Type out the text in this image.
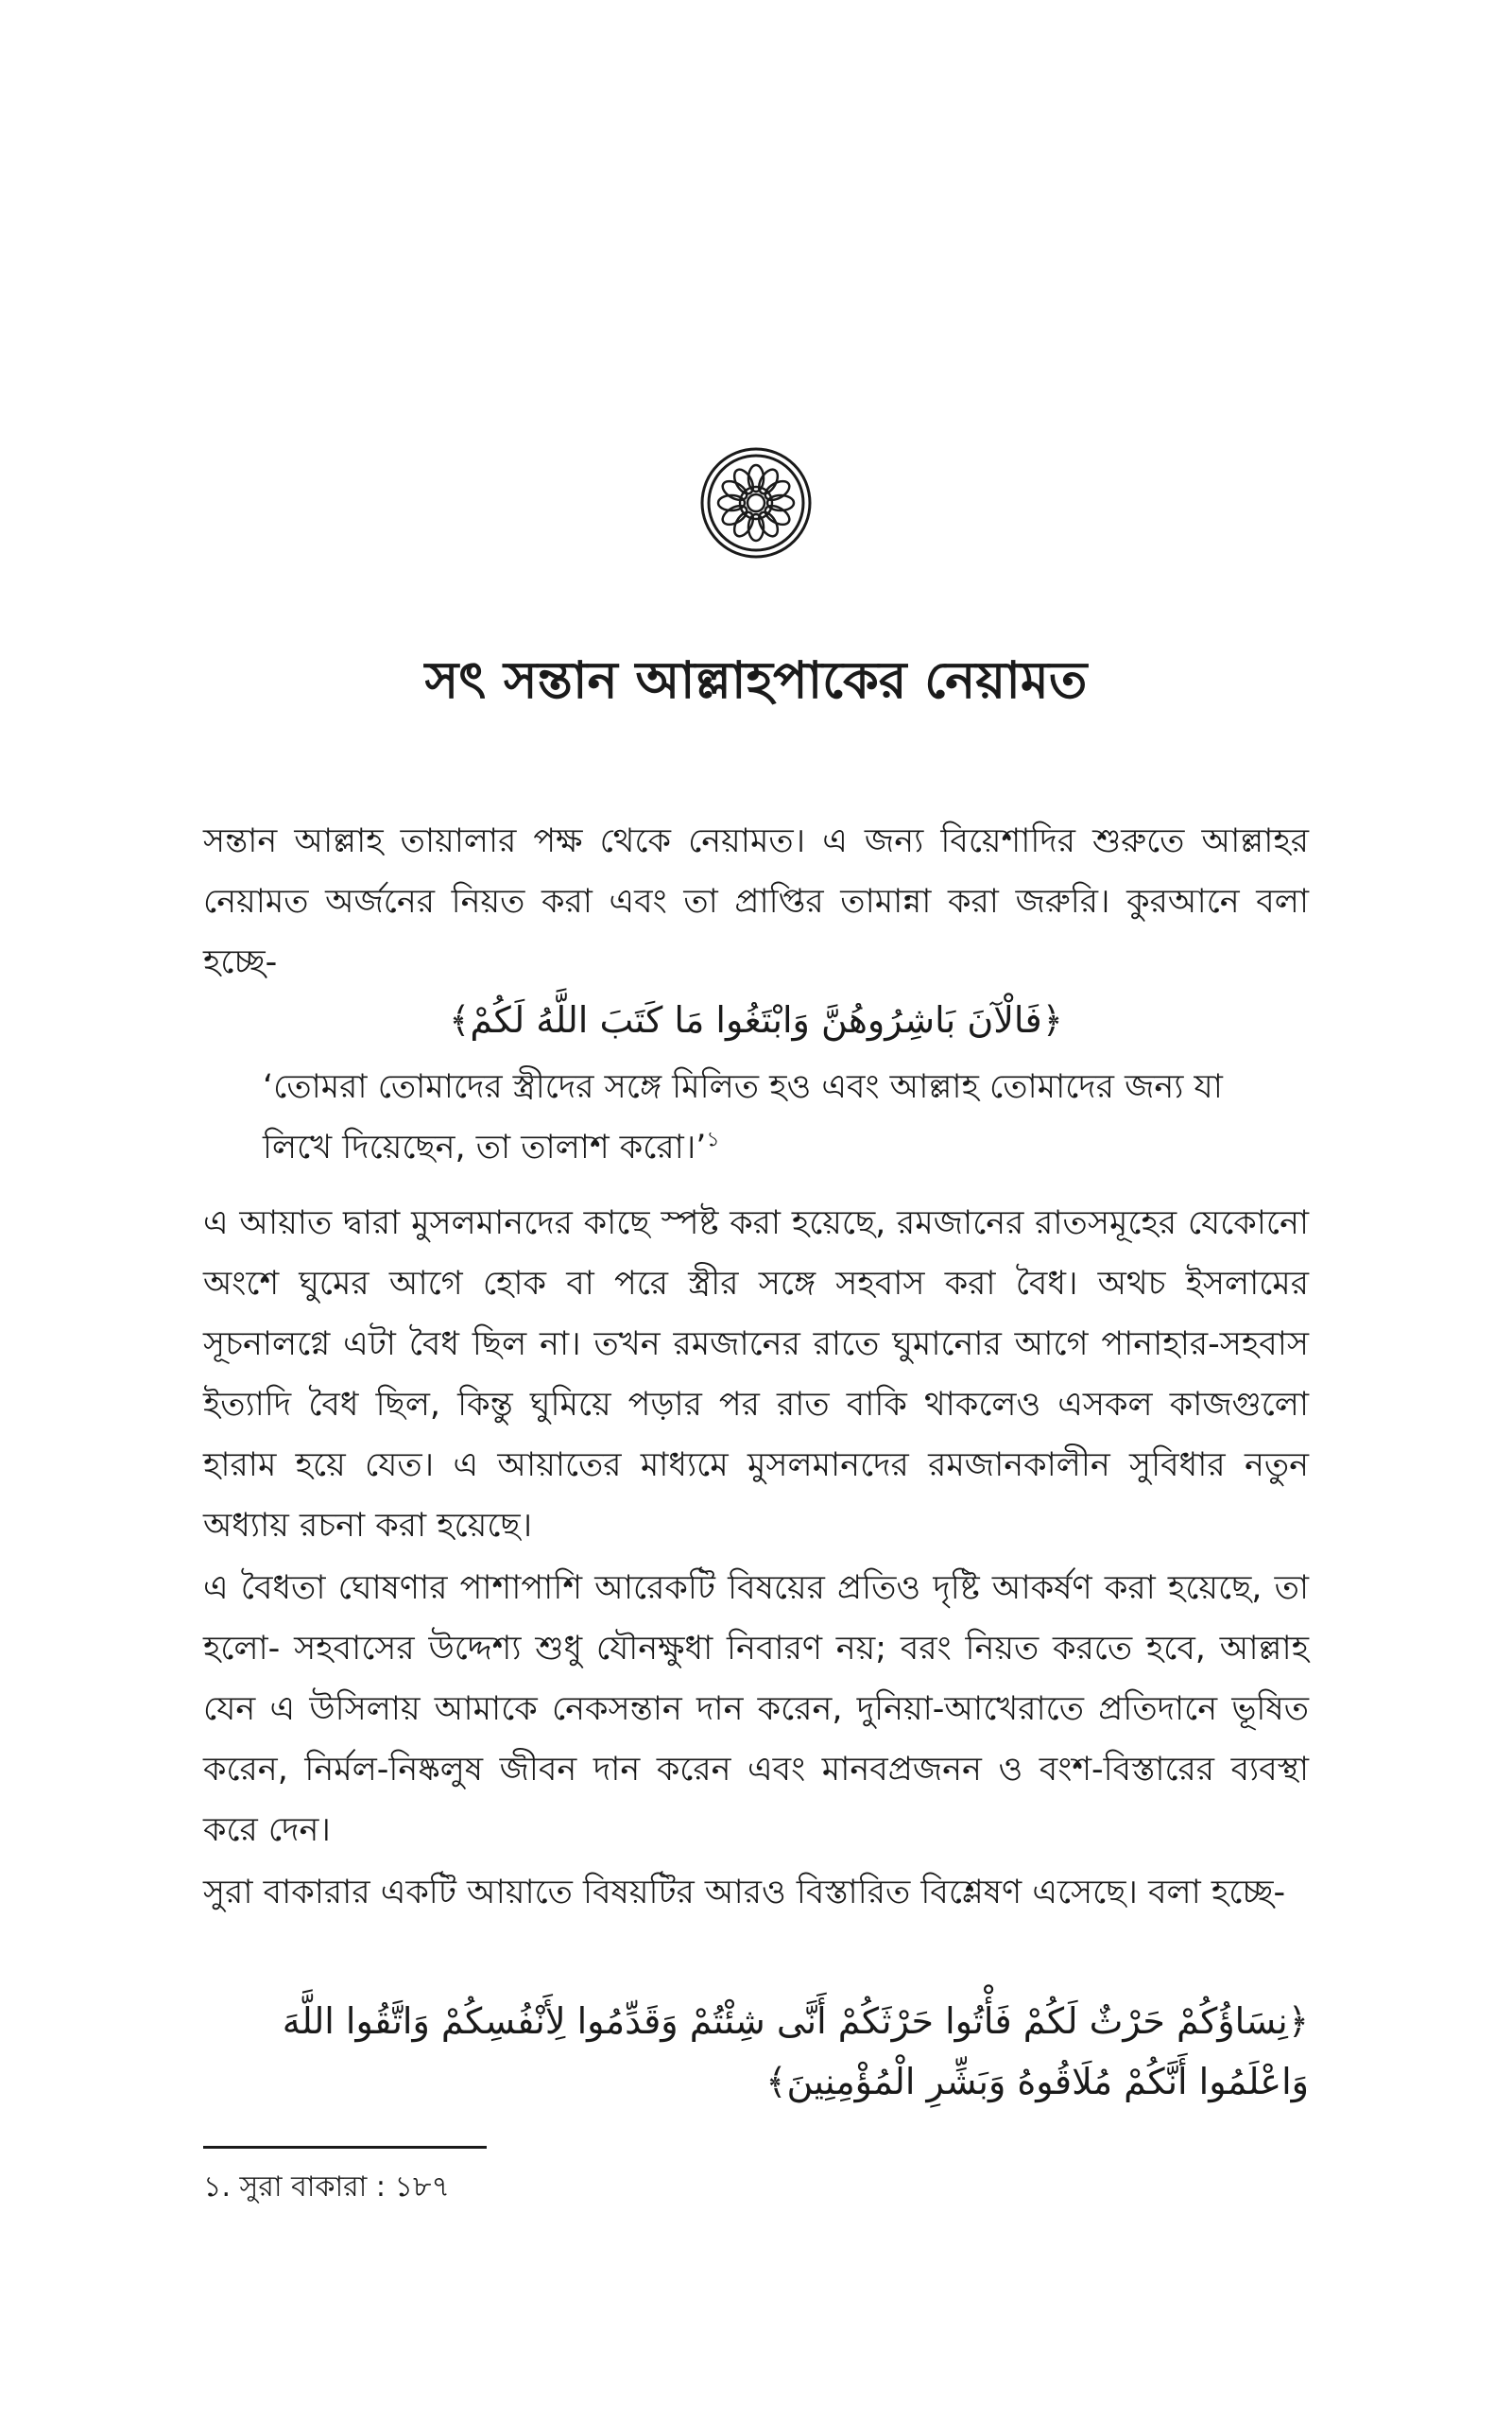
সৎ সন্তান আল্লাহপাকের নেয়ামত

সন্তান আল্লাহ তায়ালার পক্ষ থেকে নেয়ামত। এ জন্য বিয়েশাদির শুরুতে আল্লাহর নেয়ামত অর্জনের নিয়ত করা এবং তা প্রাপ্তির তামান্না করা জরুরি। কুরআনে বলা হচ্ছে-

﴿فَالْآنَ بَاشِرُوهُنَّ وَابْتَغُوا مَا كَتَبَ اللَّهُ لَكُمْ﴾

‘তোমরা তোমাদের স্ত্রীদের সঙ্গে মিলিত হও এবং আল্লাহ তোমাদের জন্য যা লিখে দিয়েছেন, তা তালাশ করো।’$^১$

এ আয়াত দ্বারা মুসলমানদের কাছে স্পষ্ট করা হয়েছে, রমজানের রাতসমূহের যেকোনো অংশে ঘুমের আগে হোক বা পরে স্ত্রীর সঙ্গে সহবাস করা বৈধ। অথচ ইসলামের সূচনালগ্নে এটা বৈধ ছিল না। তখন রমজানের রাতে ঘুমানোর আগে পানাহার-সহবাস ইত্যাদি বৈধ ছিল, কিন্তু ঘুমিয়ে পড়ার পর রাত বাকি থাকলেও এসকল কাজগুলো হারাম হয়ে যেত। এ আয়াতের মাধ্যমে মুসলমানদের রমজানকালীন সুবিধার নতুন অধ্যায় রচনা করা হয়েছে।

এ বৈধতা ঘোষণার পাশাপাশি আরেকটি বিষয়ের প্রতিও দৃষ্টি আকর্ষণ করা হয়েছে, তা হলো- সহবাসের উদ্দেশ্য শুধু যৌনক্ষুধা নিবারণ নয়; বরং নিয়ত করতে হবে, আল্লাহ যেন এ উসিলায় আমাকে নেকসন্তান দান করেন, দুনিয়া-আখেরাতে প্রতিদানে ভূষিত করেন, নির্মল-নিষ্কলুষ জীবন দান করেন এবং মানবপ্রজনন ও বংশ-বিস্তারের ব্যবস্থা করে দেন।

সুরা বাকারার একটি আয়াতে বিষয়টির আরও বিস্তারিত বিশ্লেষণ এসেছে। বলা হচ্ছে-

﴿نِسَاؤُكُمْ حَرْثٌ لَكُمْ فَأْتُوا حَرْثَكُمْ أَنَّى شِئْتُمْ وَقَدِّمُوا لِأَنْفُسِكُمْ وَاتَّقُوا اللَّهَ وَاعْلَمُوا أَنَّكُمْ مُلَاقُوهُ وَبَشِّرِ الْمُؤْمِنِينَ﴾

১. সুরা বাকারা : ১৮৭
